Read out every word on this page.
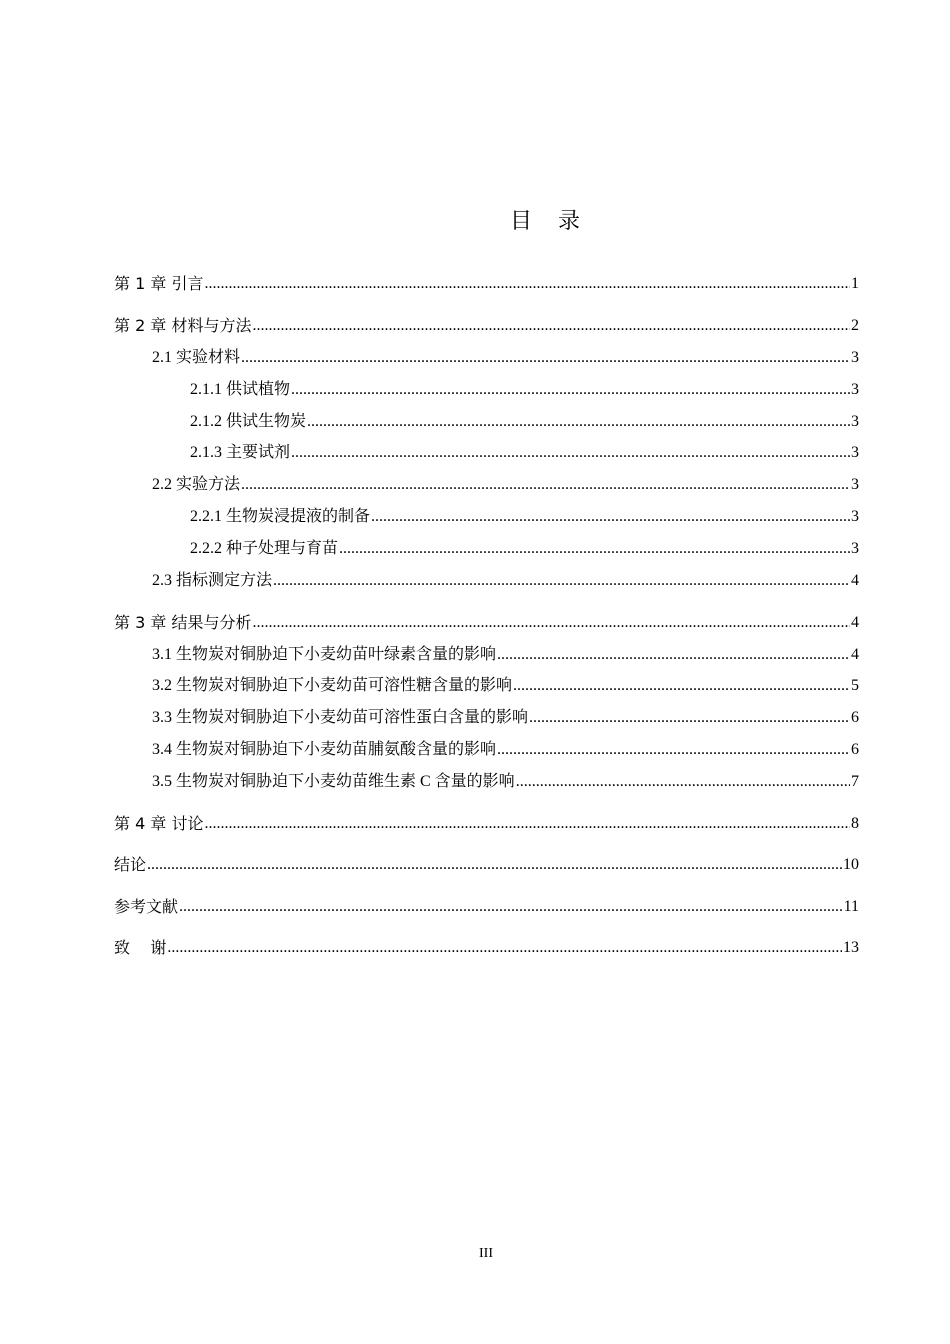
目 录
第 1 章 引言 .....	1
第 2 章 材料与方法 .....	2
2.1 实验材料 .....	3
2.1.1 供试植物 .....	3
2.1.2 供试生物炭 .....	3
2.1.3 主要试剂 .....	3
2.2 实验方法 .....	3
2.2.1 生物炭浸提液的制备 .....	3
2.2.2 种子处理与育苗 .....	3
2.3 指标测定方法 .....	4
第 3 章 结果与分析 .....	4
3.1 生物炭对铜胁迫下小麦幼苗叶绿素含量的影响 .....	4
3.2 生物炭对铜胁迫下小麦幼苗可溶性糖含量的影响 .....	5
3.3 生物炭对铜胁迫下小麦幼苗可溶性蛋白含量的影响 .....	6
3.4 生物炭对铜胁迫下小麦幼苗脯氨酸含量的影响 .....	6
3.5 生物炭对铜胁迫下小麦幼苗维生素 C 含量的影响 .....	7
第 4 章 讨论 .....	8
结论 .....	10
参考文献 .....	11
致    谢 .....	13
III
